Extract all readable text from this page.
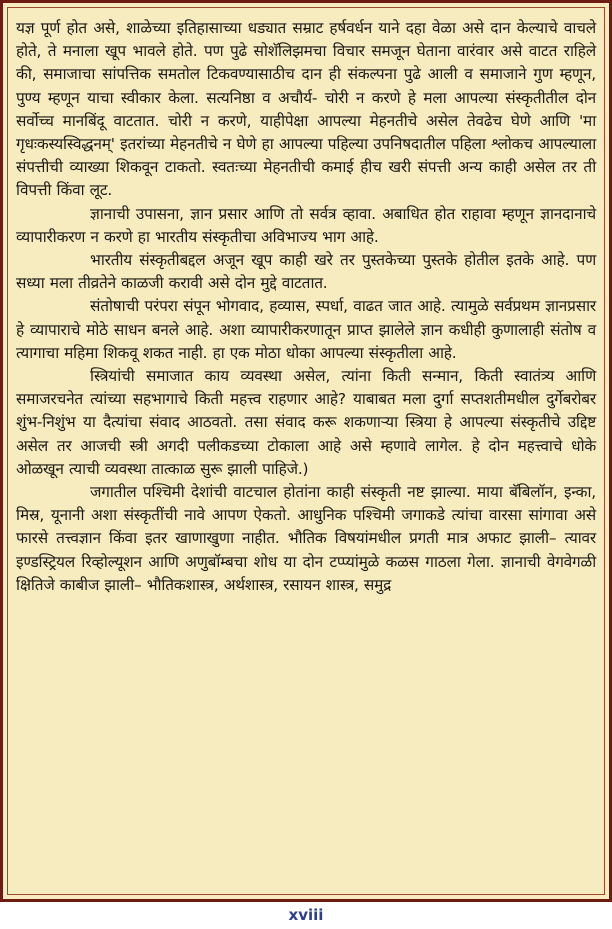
यज्ञ पूर्ण होत असे, शाळेच्या इतिहासाच्या धड्यात सम्राट हर्षवर्धन याने दहा वेळा असे दान केल्याचे वाचले होते, ते मनाला खूप भावले होते. पण पुढे सोशॅलिझमचा विचार समजून घेताना वारंवार असे वाटत राहिले की, समाजाचा सांपत्तिक समतोल टिकवण्यासाठीच दान ही संकल्पना पुढे आली व समाजाने गुण म्हणून, पुण्य म्हणून याचा स्वीकार केला. सत्यनिष्ठा व अचौर्य- चोरी न करणे हे मला आपल्या संस्कृतीतील दोन सर्वोच्च मानबिंदू वाटतात. चोरी न करणे, याहीपेक्षा आपल्या मेहनतीचे असेल तेवढेच घेणे आणि 'मा गृधःकस्यस्विद्धनम्' इतरांच्या मेहनतीचे न घेणे हा आपल्या पहिल्या उपनिषदातील पहिला श्लोकच आपल्याला संपत्तीची व्याख्या शिकवून टाकतो. स्वतःच्या मेहनतीची कमाई हीच खरी संपत्ती अन्य काही असेल तर ती विपत्ती किंवा लूट.

ज्ञानाची उपासना, ज्ञान प्रसार आणि तो सर्वत्र व्हावा. अबाधित होत राहावा म्हणून ज्ञानदानाचे व्यापारीकरण न करणे हा भारतीय संस्कृतीचा अविभाज्य भाग आहे.

भारतीय संस्कृतीबद्दल अजून खूप काही खरे तर पुस्तकेच्या पुस्तके होतील इतके आहे. पण सध्या मला तीव्रतेने काळजी करावी असे दोन मुद्दे वाटतात.

संतोषाची परंपरा संपून भोगवाद, हव्यास, स्पर्धा, वाढत जात आहे. त्यामुळे सर्वप्रथम ज्ञानप्रसार हे व्यापाराचे मोठे साधन बनले आहे. अशा व्यापारीकरणातून प्राप्त झालेले ज्ञान कधीही कुणालाही संतोष व त्यागाचा महिमा शिकवू शकत नाही. हा एक मोठा धोका आपल्या संस्कृतीला आहे.

स्त्रियांची समाजात काय व्यवस्था असेल, त्यांना किती सन्मान, किती स्वातंत्र्य आणि समाजरचनेत त्यांच्या सहभागाचे किती महत्त्व राहणार आहे? याबाबत मला दुर्गा सप्तशतीमधील दुर्गेबरोबर शुंभ-निशुंभ या दैत्यांचा संवाद आठवतो. तसा संवाद करू शकणाऱ्या स्त्रिया हे आपल्या संस्कृतीचे उद्दिष्ट असेल तर आजची स्त्री अगदी पलीकडच्या टोकाला आहे असे म्हणावे लागेल. हे दोन महत्त्वाचे धोके ओळखून त्याची व्यवस्था तात्काळ सुरू झाली पाहिजे.)

जगातील पश्चिमी देशांची वाटचाल होतांना काही संस्कृती नष्ट झाल्या. माया बॅबिलॉन, इन्का, मिस्र, यूनानी अशा संस्कृतींची नावे आपण ऐकतो. आधुनिक पश्चिमी जगाकडे त्यांचा वारसा सांगावा असे फारसे तत्त्वज्ञान किंवा इतर खाणाखुणा नाहीत. भौतिक विषयांमधील प्रगती मात्र अफाट झाली– त्यावर इण्डस्ट्रियल रिव्होल्यूशन आणि अणुबॉम्बचा शोध या दोन टप्प्यांमुळे कळस गाठला गेला. ज्ञानाची वेगवेगळी क्षितिजे काबीज झाली– भौतिकशास्त्र, अर्थशास्त्र, रसायन शास्त्र, समुद्र

xviii
